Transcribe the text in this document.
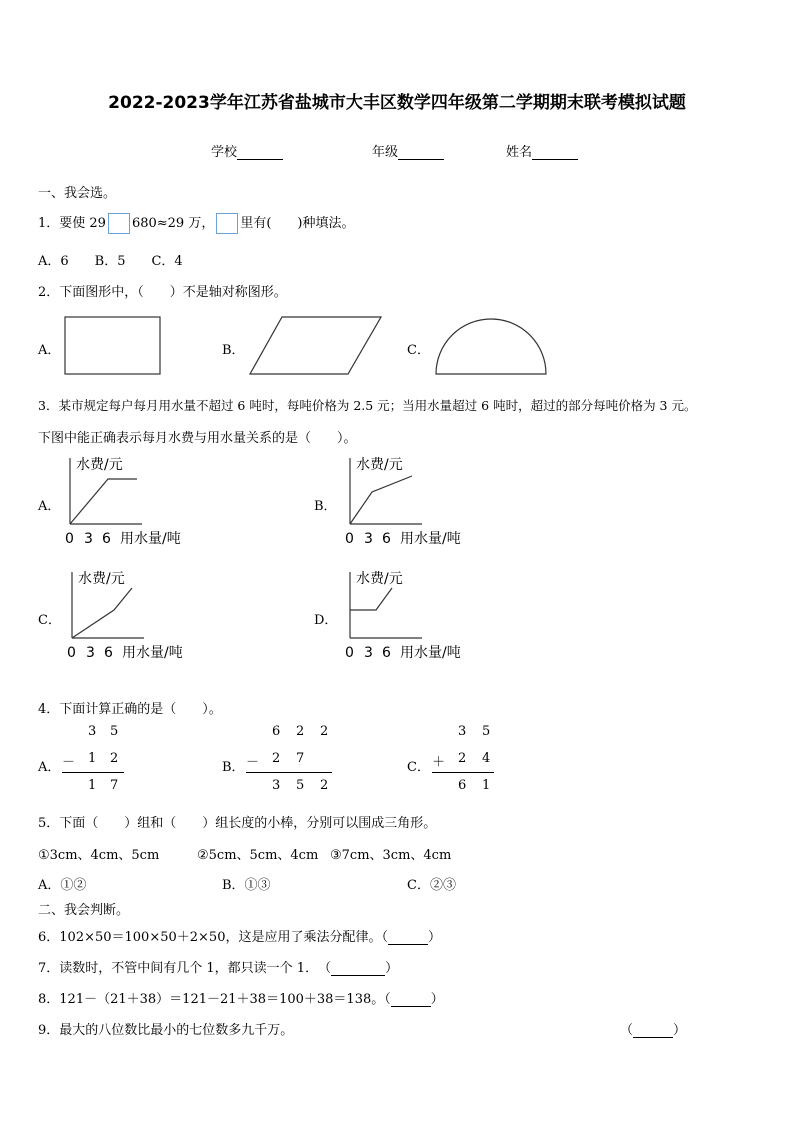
2022-2023学年江苏省盐城市大丰区数学四年级第二学期期末联考模拟试题
学校	年级	姓名
一、我会选。
1．要使 29 680≈29 万， 里有(　　)种填法。
A．6　　B．5　　C．4
2．下面图形中，（　　）不是轴对称图形。
A．	B．	C．
3．某市规定每户每月用水量不超过 6 吨时，每吨价格为 2.5 元；当用水量超过 6 吨时，超过的部分每吨价格为 3 元。
下图中能正确表示每月水费与用水量关系的是（　　）。
A．
水费/元
0 3 6 用水量/吨
B．
水费/元
0 3 6 用水量/吨
C．
水费/元
0 3 6 用水量/吨
D．
水费/元
0 3 6 用水量/吨
4．下面计算正确的是（　　）。
A．
3 5
－ 1 2
1 7
B．
6 2 2
－ 2 7
3 5 2
C．
3 5
＋ 2 4
6 1
5．下面（　　）组和（　　）组长度的小棒，分别可以围成三角形。
①3cm、4cm、5cm	②5cm、5cm、4cm ③7cm、3cm、4cm
A．①②	B．①③	C．②③
二、我会判断。
6．102×50＝100×50＋2×50，这是应用了乘法分配律。（	）
7．读数时，不管中间有几个 1，都只读一个 1．　（	）
8．121－（21＋38）＝121－21＋38＝100＋38＝138。（	）
9．最大的八位数比最小的七位数多九千万。	（	）
